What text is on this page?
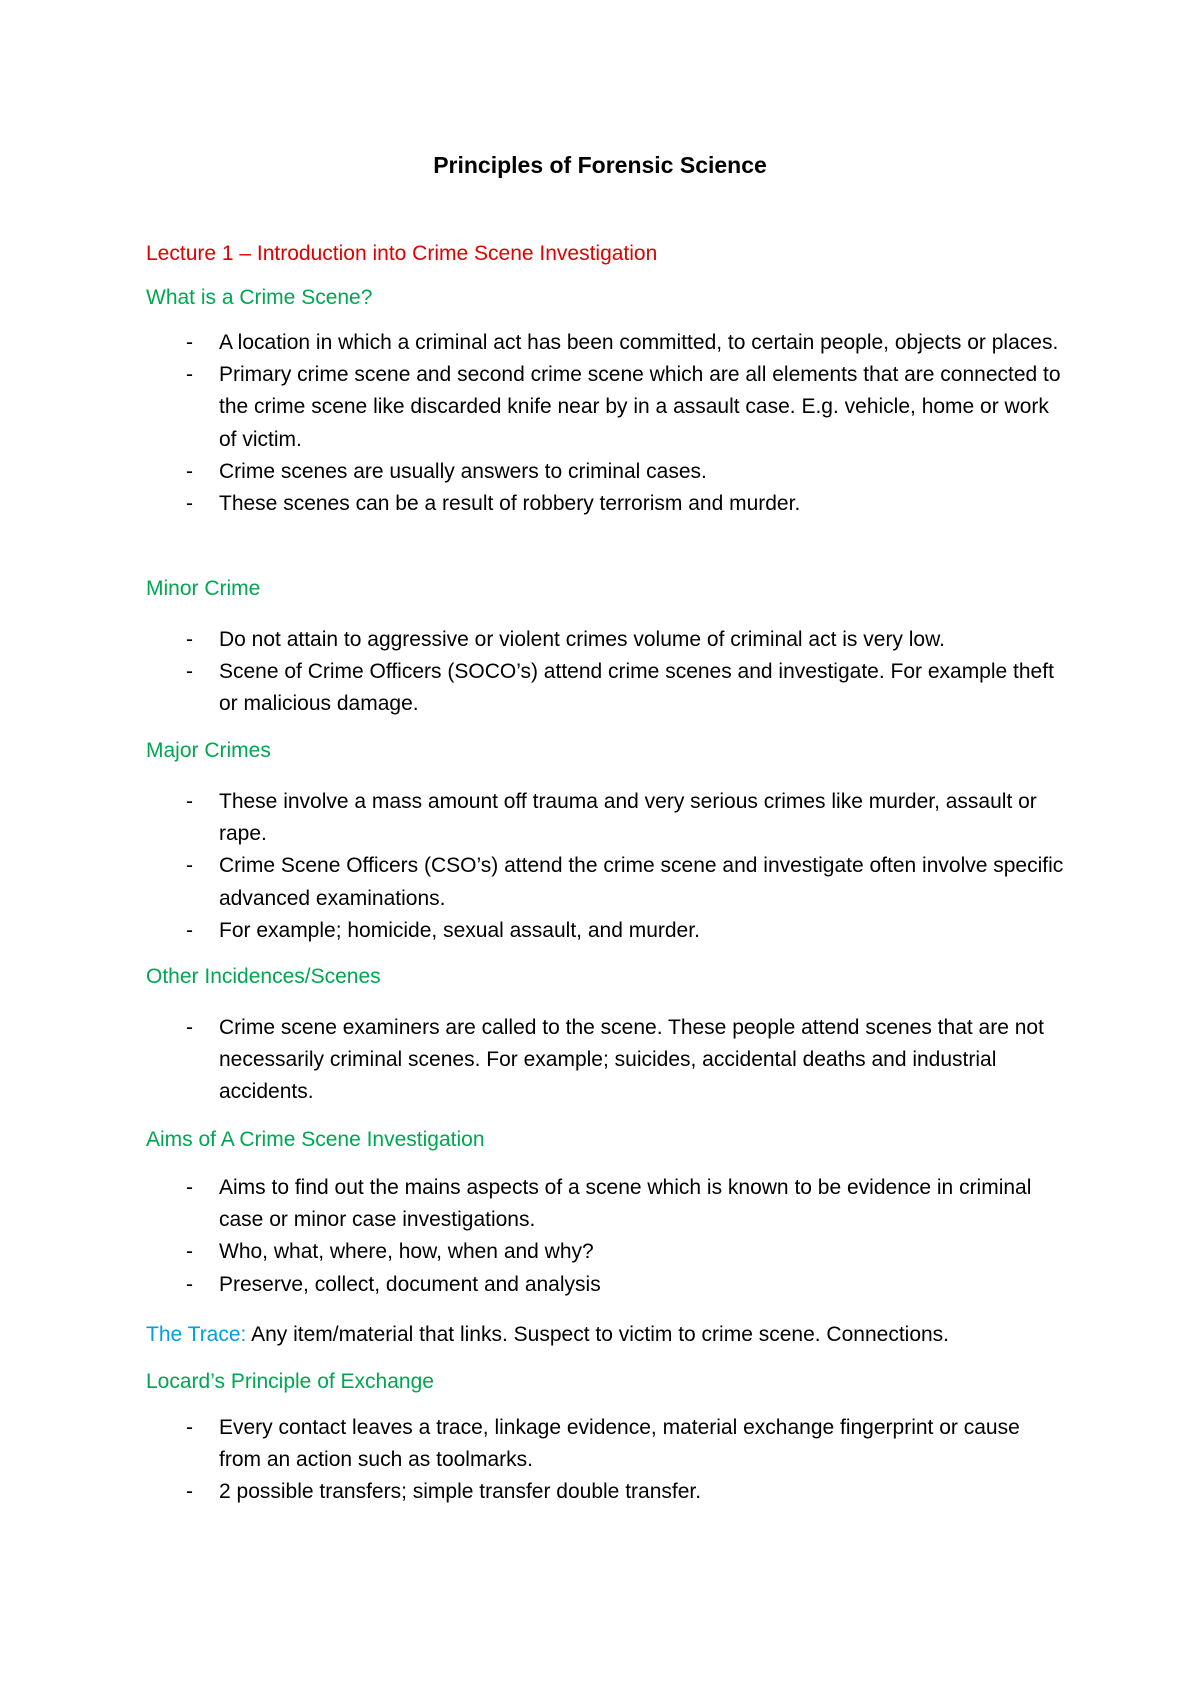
Principles of Forensic Science
Lecture 1 – Introduction into Crime Scene Investigation
What is a Crime Scene?
- A location in which a criminal act has been committed, to certain people, objects or places.
- Primary crime scene and second crime scene which are all elements that are connected to the crime scene like discarded knife near by in a assault case. E.g. vehicle, home or work of victim.
- Crime scenes are usually answers to criminal cases.
- These scenes can be a result of robbery terrorism and murder.
Minor Crime
- Do not attain to aggressive or violent crimes volume of criminal act is very low.
- Scene of Crime Officers (SOCO’s) attend crime scenes and investigate. For example theft or malicious damage.
Major Crimes
- These involve a mass amount off trauma and very serious crimes like murder, assault or rape.
- Crime Scene Officers (CSO’s) attend the crime scene and investigate often involve specific advanced examinations.
- For example; homicide, sexual assault, and murder.
Other Incidences/Scenes
- Crime scene examiners are called to the scene. These people attend scenes that are not necessarily criminal scenes. For example; suicides, accidental deaths and industrial accidents.
Aims of A Crime Scene Investigation
- Aims to find out the mains aspects of a scene which is known to be evidence in criminal case or minor case investigations.
- Who, what, where, how, when and why?
- Preserve, collect, document and analysis
The Trace: Any item/material that links. Suspect to victim to crime scene. Connections.
Locard’s Principle of Exchange
- Every contact leaves a trace, linkage evidence, material exchange fingerprint or cause from an action such as toolmarks.
- 2 possible transfers; simple transfer double transfer.
